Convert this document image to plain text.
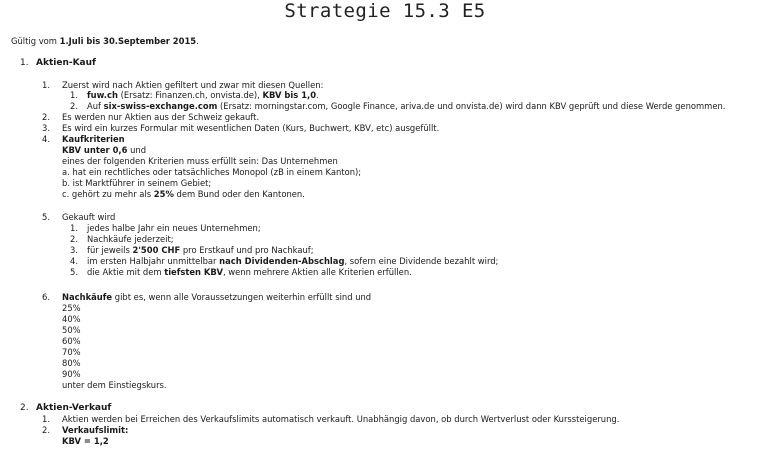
Strategie 15.3 E5
Gültig vom 1.Juli bis 30.September 2015.
1. Aktien-Kauf
1. Zuerst wird nach Aktien gefiltert und zwar mit diesen Quellen:
1. fuw.ch (Ersatz: Finanzen.ch, onvista.de), KBV bis 1,0.
2. Auf six-swiss-exchange.com (Ersatz: morningstar.com, Google Finance, ariva.de und onvista.de) wird dann KBV geprüft und diese Werde genommen.
2. Es werden nur Aktien aus der Schweiz gekauft.
3. Es wird ein kurzes Formular mit wesentlichen Daten (Kurs, Buchwert, KBV, etc) ausgefüllt.
4. Kaufkriterien
KBV unter 0,6 und
eines der folgenden Kriterien muss erfüllt sein: Das Unternehmen
a. hat ein rechtliches oder tatsächliches Monopol (zB in einem Kanton);
b. ist Marktführer in seinem Gebiet;
c. gehört zu mehr als 25% dem Bund oder den Kantonen.
5. Gekauft wird
1. jedes halbe Jahr ein neues Unternehmen;
2. Nachkäufe jederzeit;
3. für jeweils 2'500 CHF pro Erstkauf und pro Nachkauf;
4. im ersten Halbjahr unmittelbar nach Dividenden-Abschlag, sofern eine Dividende bezahlt wird;
5. die Aktie mit dem tiefsten KBV, wenn mehrere Aktien alle Kriterien erfüllen.
6. Nachkäufe gibt es, wenn alle Voraussetzungen weiterhin erfüllt sind und
25%
40%
50%
60%
70%
80%
90%
unter dem Einstiegskurs.
2. Aktien-Verkauf
1. Aktien werden bei Erreichen des Verkaufslimits automatisch verkauft. Unabhängig davon, ob durch Wertverlust oder Kurssteigerung.
2. Verkaufslimit:
KBV = 1,2
